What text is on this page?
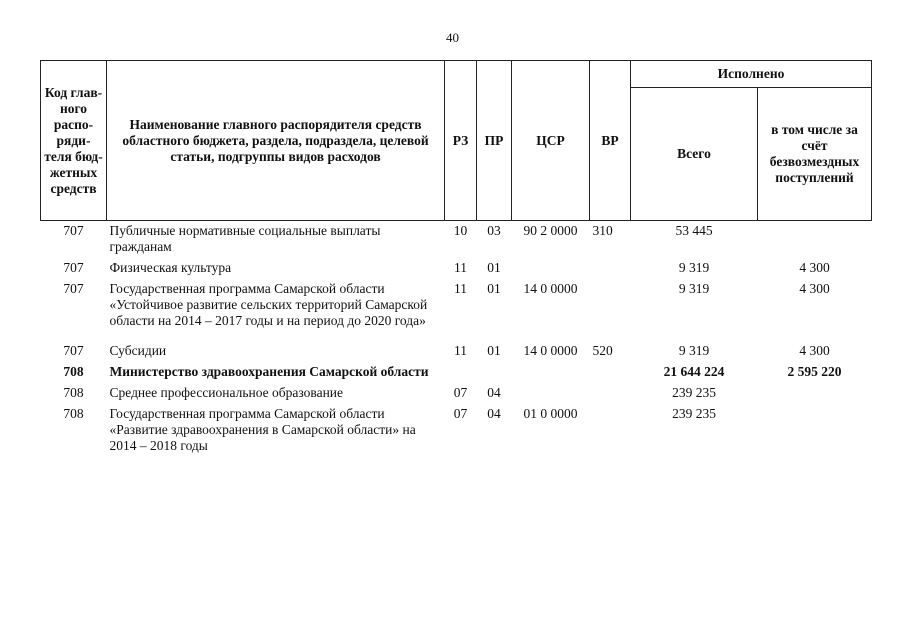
40
Код глав-ного распо-ряди-теля бюд-жетных средств	Наименование главного распорядителя средств областного бюджета, раздела, подраздела, целевой статьи, подгруппы видов расходов	РЗ	ПР	ЦСР	ВР	Исполнено	
						Всего	в том числе за счёт безвозмездных поступлений
707	Публичные нормативные социальные выплаты гражданам	10	03	90 2 0000	310	53 445	
707	Физическая культура	11	01			9 319	4 300
707	Государственная программа Самарской области «Устойчивое развитие сельских территорий Самарской области на 2014 – 2017 годы и на период до 2020 года»	11	01	14 0 0000		9 319	4 300
707	Субсидии	11	01	14 0 0000	520	9 319	4 300
708	Министерство здравоохранения Самарской области					21 644 224	2 595 220
708	Среднее профессиональное образование	07	04			239 235	
708	Государственная программа Самарской области «Развитие здравоохранения в Самарской области» на 2014 – 2018 годы	07	04	01 0 0000		239 235	
